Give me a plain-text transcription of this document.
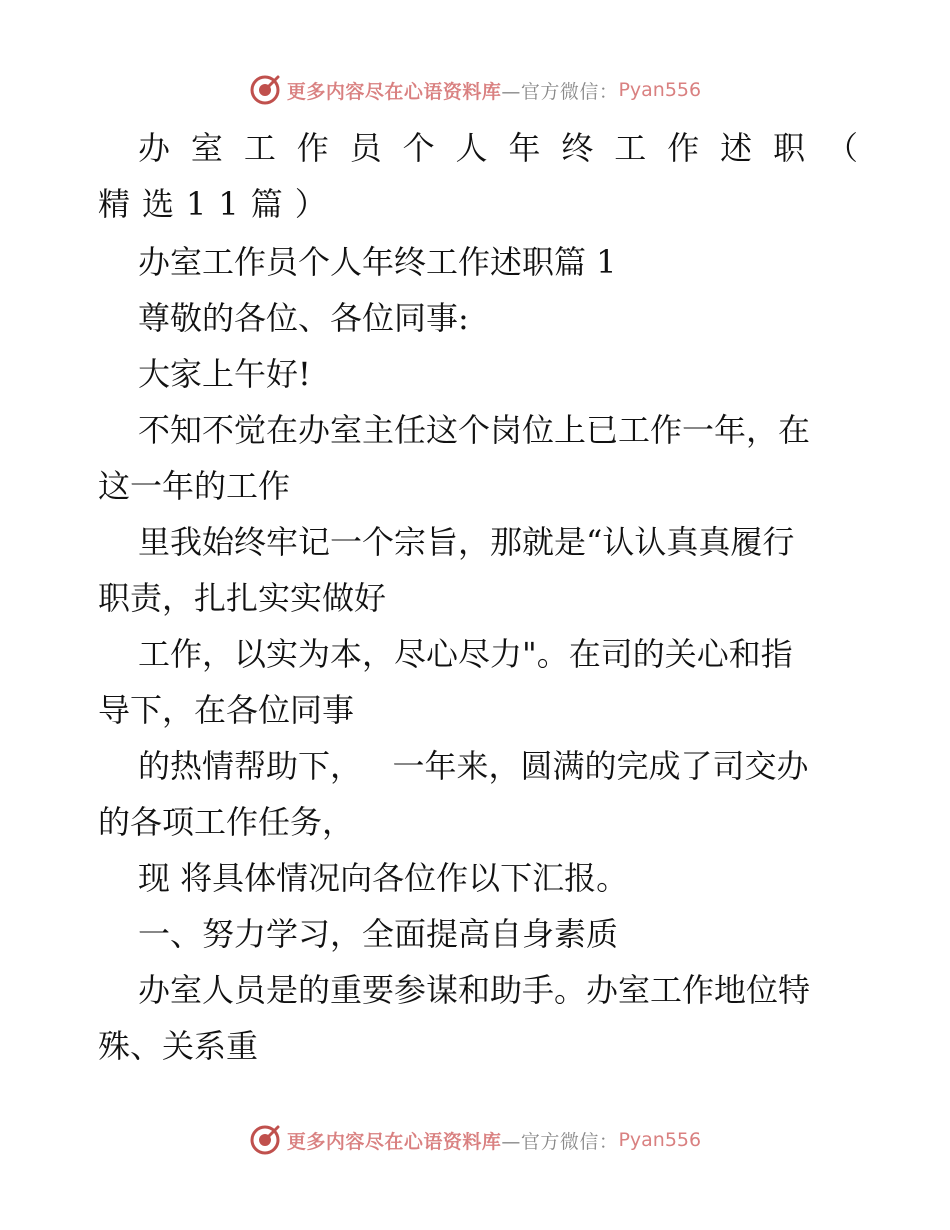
更多内容尽在心语资料库 —官方微信： Pyan556
办 室 工 作 员 个 人 年 终 工 作 述 职 （
精选11篇）
办室工作员个人年终工作述职篇 1
尊敬的各位、各位同事:
大家上午好!
不知不觉在办室主任这个岗位上已工作一年，在
这一年的工作
里我始终牢记一个宗旨，那就是“认认真真履行
职责，扎扎实实做好
工作，以实为本，尽心尽力"。在司的关心和指
导下，在各位同事
的热情帮助下，   一年来，圆满的完成了司交办
的各项工作任务，
现 将具体情况向各位作以下汇报。
一、努力学习，全面提高自身素质
办室人员是的重要参谋和助手。办室工作地位特
殊、关系重
更多内容尽在心语资料库 —官方微信： Pyan556
